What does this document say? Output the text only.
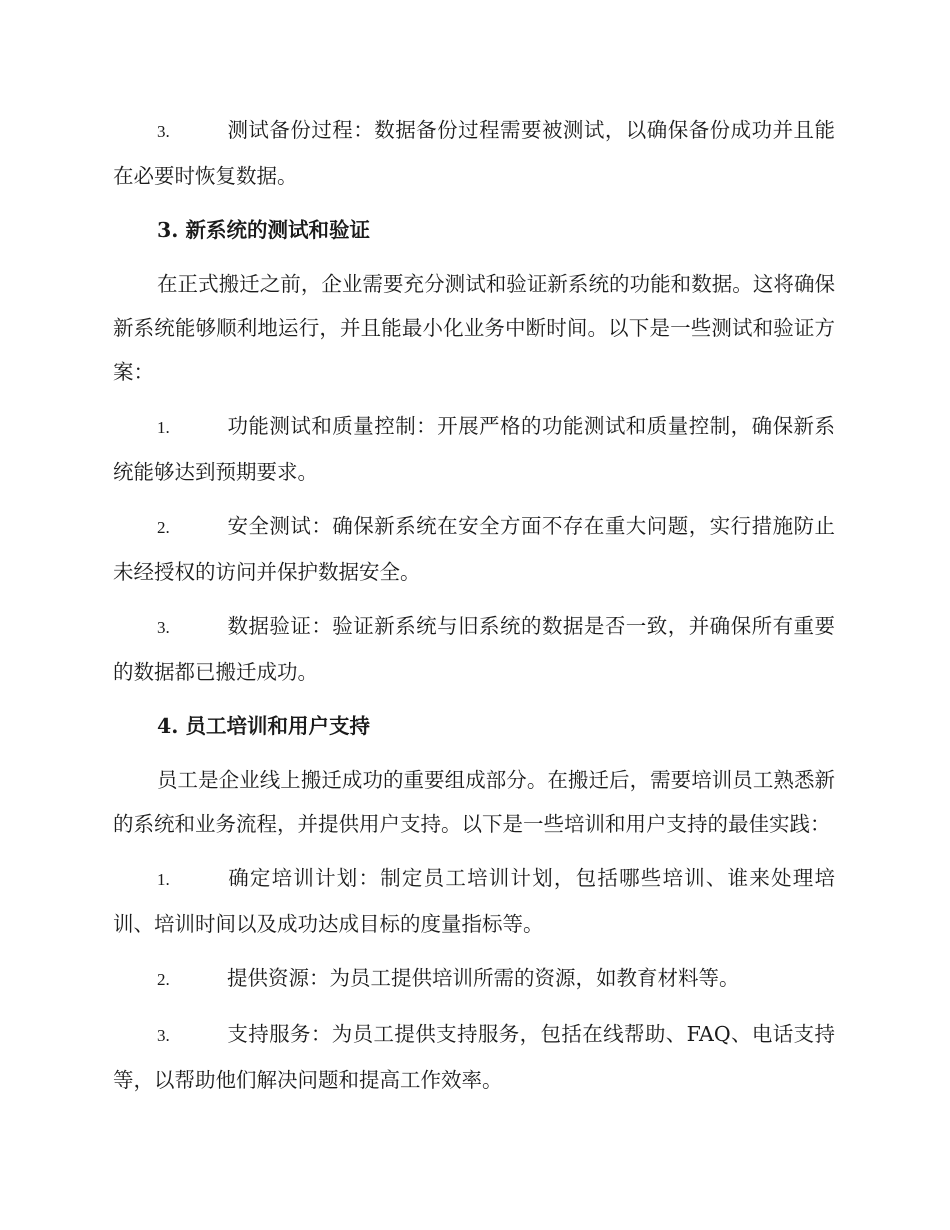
3.	测试备份过程：数据备份过程需要被测试，以确保备份成功并且能在必要时恢复数据。

3. 新系统的测试和验证

在正式搬迁之前，企业需要充分测试和验证新系统的功能和数据。这将确保新系统能够顺利地运行，并且能最小化业务中断时间。以下是一些测试和验证方案：

1.	功能测试和质量控制：开展严格的功能测试和质量控制，确保新系统能够达到预期要求。

2.	安全测试：确保新系统在安全方面不存在重大问题，实行措施防止未经授权的访问并保护数据安全。

3.	数据验证：验证新系统与旧系统的数据是否一致，并确保所有重要的数据都已搬迁成功。

4. 员工培训和用户支持

员工是企业线上搬迁成功的重要组成部分。在搬迁后，需要培训员工熟悉新的系统和业务流程，并提供用户支持。以下是一些培训和用户支持的最佳实践：

1.	确定培训计划：制定员工培训计划，包括哪些培训、谁来处理培训、培训时间以及成功达成目标的度量指标等。

2.	提供资源：为员工提供培训所需的资源，如教育材料等。

3.	支持服务：为员工提供支持服务，包括在线帮助、FAQ、电话支持等，以帮助他们解决问题和提高工作效率。
